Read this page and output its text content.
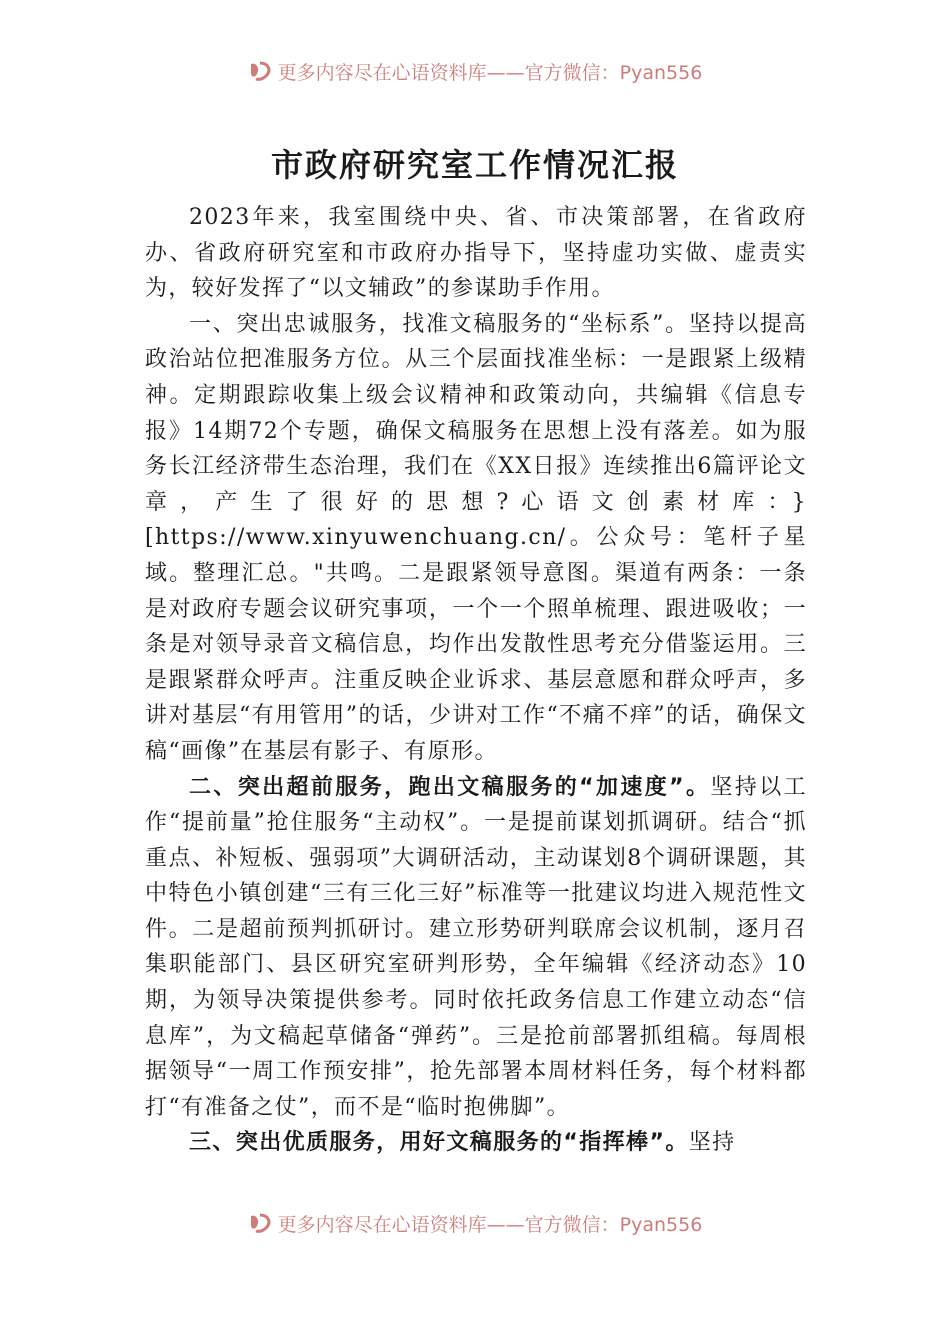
更多内容尽在心语资料库——官方微信：Pyan556
市政府研究室工作情况汇报

2023年来，我室围绕中央、省、市决策部署，在省政府办、省政府研究室和市政府办指导下，坚持虚功实做、虚责实为，较好发挥了“以文辅政”的参谋助手作用。

一、突出忠诚服务，找准文稿服务的“坐标系”。坚持以提高政治站位把准服务方位。从三个层面找准坐标：一是跟紧上级精神。定期跟踪收集上级会议精神和政策动向，共编辑《信息专报》14期72个专题，确保文稿服务在思想上没有落差。如为服务长江经济带生态治理，我们在《XX日报》连续推出6篇评论文章，产生了很好的思想?心语文创素材库：}[https://www.xinyuwenchuang.cn/。公众号：笔杆子星域。整理汇总。"共鸣。二是跟紧领导意图。渠道有两条：一条是对政府专题会议研究事项，一个一个照单梳理、跟进吸收；一条是对领导录音文稿信息，均作出发散性思考充分借鉴运用。三是跟紧群众呼声。注重反映企业诉求、基层意愿和群众呼声，多讲对基层“有用管用”的话，少讲对工作“不痛不痒”的话，确保文稿“画像”在基层有影子、有原形。

二、突出超前服务，跑出文稿服务的“加速度”。坚持以工作“提前量”抢住服务“主动权”。一是提前谋划抓调研。结合“抓重点、补短板、强弱项”大调研活动，主动谋划8个调研课题，其中特色小镇创建“三有三化三好”标准等一批建议均进入规范性文件。二是超前预判抓研讨。建立形势研判联席会议机制，逐月召集职能部门、县区研究室研判形势，全年编辑《经济动态》10期，为领导决策提供参考。同时依托政务信息工作建立动态“信息库”，为文稿起草储备“弹药”。三是抢前部署抓组稿。每周根据领导“一周工作预安排”，抢先部署本周材料任务，每个材料都打“有准备之仗”，而不是“临时抱佛脚”。

三、突出优质服务，用好文稿服务的“指挥棒”。坚持

更多内容尽在心语资料库——官方微信：Pyan556
